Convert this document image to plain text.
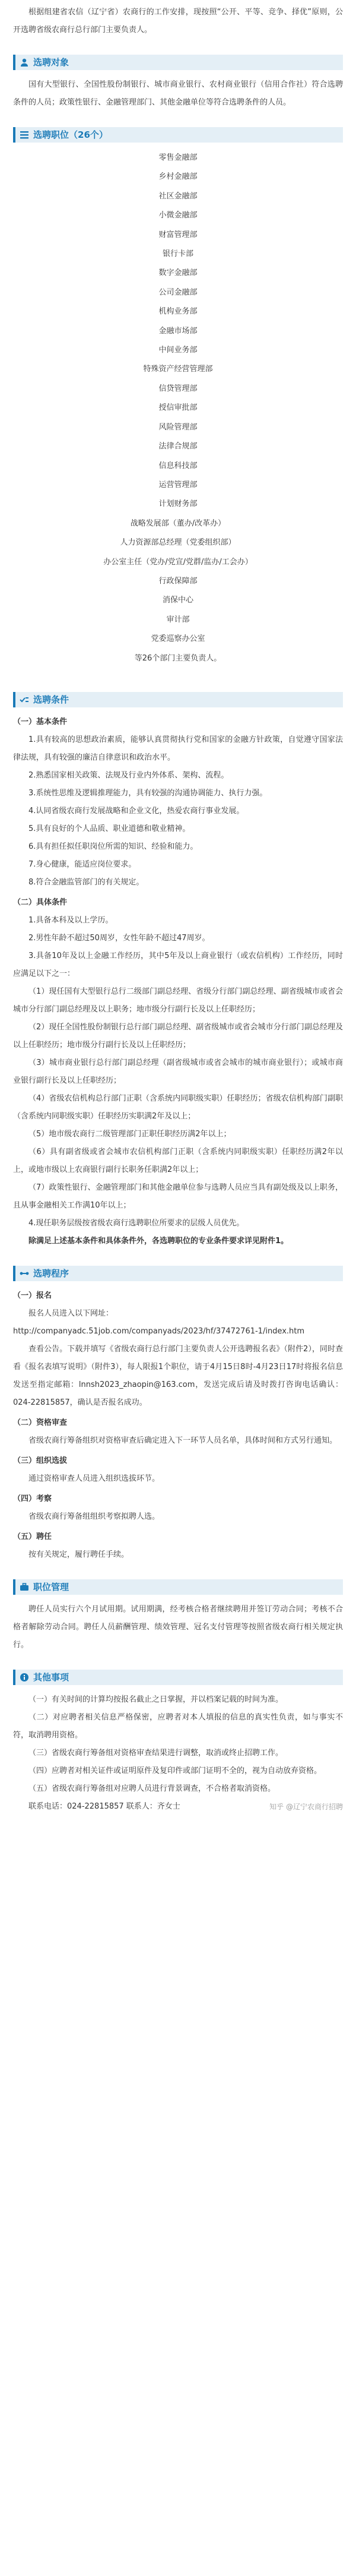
根据组建省农信（辽宁省）农商行的工作安排，现按照“公开、平等、竞争、择优”原则，公开选聘省级农商行总行部门主要负责人。

选聘对象

国有大型银行、全国性股份制银行、城市商业银行、农村商业银行（信用合作社）符合选聘条件的人员；政策性银行、金融管理部门、其他金融单位等符合选聘条件的人员。

选聘职位（26个）
零售金融部
乡村金融部
社区金融部
小微金融部
财富管理部
银行卡部
数字金融部
公司金融部
机构业务部
金融市场部
中间业务部
特殊资产经营管理部
信贷管理部
授信审批部
风险管理部
法律合规部
信息科技部
运营管理部
计划财务部
战略发展部（董办/改革办）
人力资源部总经理（党委组织部）
办公室主任（党办/党宣/党群/监办/工会办）
行政保障部
消保中心
审计部
党委巡察办公室
等26个部门主要负责人。
选聘条件

（一）基本条件

1.具有较高的思想政治素质，能够认真贯彻执行党和国家的金融方针政策，自觉遵守国家法律法规，具有较强的廉洁自律意识和政治水平。

2.熟悉国家相关政策、法规及行业内外体系、架构、流程。

3.系统性思维及逻辑推理能力，具有较强的沟通协调能力、执行力强。

4.认同省级农商行发展战略和企业文化，热爱农商行事业发展。

5.具有良好的个人品质、职业道德和敬业精神。

6.具有担任拟任职岗位所需的知识、经验和能力。

7.身心健康，能适应岗位要求。

8.符合金融监管部门的有关规定。

（二）具体条件

1.具备本科及以上学历。

2.男性年龄不超过50周岁，女性年龄不超过47周岁。

3.具备10年及以上金融工作经历，其中5年及以上商业银行（或农信机构）工作经历，同时应满足以下之一：

（1）现任国有大型银行总行二级部门副总经理、省级分行部门副总经理、副省级城市或省会城市分行部门副总经理及以上职务；地市级分行副行长及以上任职经历；

（2）现任全国性股份制银行总行部门副总经理、副省级城市或省会城市分行部门副总经理及以上任职经历；地市级分行副行长及以上任职经历；

（3）城市商业银行总行部门副总经理（副省级城市或省会城市的城市商业银行）；或城市商业银行副行长及以上任职经历；

（4）省级农信机构总行部门正职（含系统内同职级实职）任职经历；省级农信机构部门副职（含系统内同职级实职）任职经历实职满2年及以上；

（5）地市级农商行二级管理部门正职任职经历满2年以上；

（6）具有副省级或省会城市农信机构部门正职（含系统内同职级实职）任职经历满2年以上，或地市级以上农商银行副行长职务任职满2年以上；

（7）政策性银行、金融管理部门和其他金融单位参与选聘人员应当具有副处级及以上职务，且从事金融相关工作满10年以上；

4.现任职务层级按省级农商行选聘职位所要求的层级人员优先。

除满足上述基本条件和具体条件外，各选聘职位的专业条件要求详见附件1。

选聘程序

（一）报名

报名人员进入以下网址：

http://companyadc.51job.com/companyads/2023/hf/37472761-1/index.htm

查看公告。下载并填写《省级农商行总行部门主要负责人公开选聘报名表》（附件2），同时查看《报名表填写说明》（附件3），每人限报1个职位，请于4月15日8时-4月23日17时将报名信息发送至指定邮箱：lnnsh2023_zhaopin@163.com，发送完成后请及时拨打咨询电话确认：024-22815857，确认是否报名成功。

（二）资格审查

省级农商行筹备组织对资格审查后确定进入下一环节人员名单，具体时间和方式另行通知。

（三）组织选拔

通过资格审查人员进入组织选拔环节。

（四）考察

省级农商行筹备组组织考察拟聘人选。

（五）聘任

按有关规定，履行聘任手续。

职位管理

聘任人员实行六个月试用期。试用期满，经考核合格者继续聘用并签订劳动合同；考核不合格者解除劳动合同。聘任人员薪酬管理、绩效管理、冠名支付管理等按照省级农商行相关规定执行。

其他事项

（一）有关时间的计算均按报名截止之日掌握，并以档案记载的时间为准。

（二）对应聘者相关信息严格保密，应聘者对本人填报的信息的真实性负责，如与事实不符，取消聘用资格。

（三）省级农商行筹备组对资格审查结果进行调整，取消或终止招聘工作。

（四）应聘者对相关证件或证明原件及复印件或部门证明不全的，视为自动放弃资格。

（五）省级农商行筹备组对应聘人员进行背景调查，不合格者取消资格。

联系电话：024-22815857 联系人：齐女士	知乎 @辽宁农商行招聘
